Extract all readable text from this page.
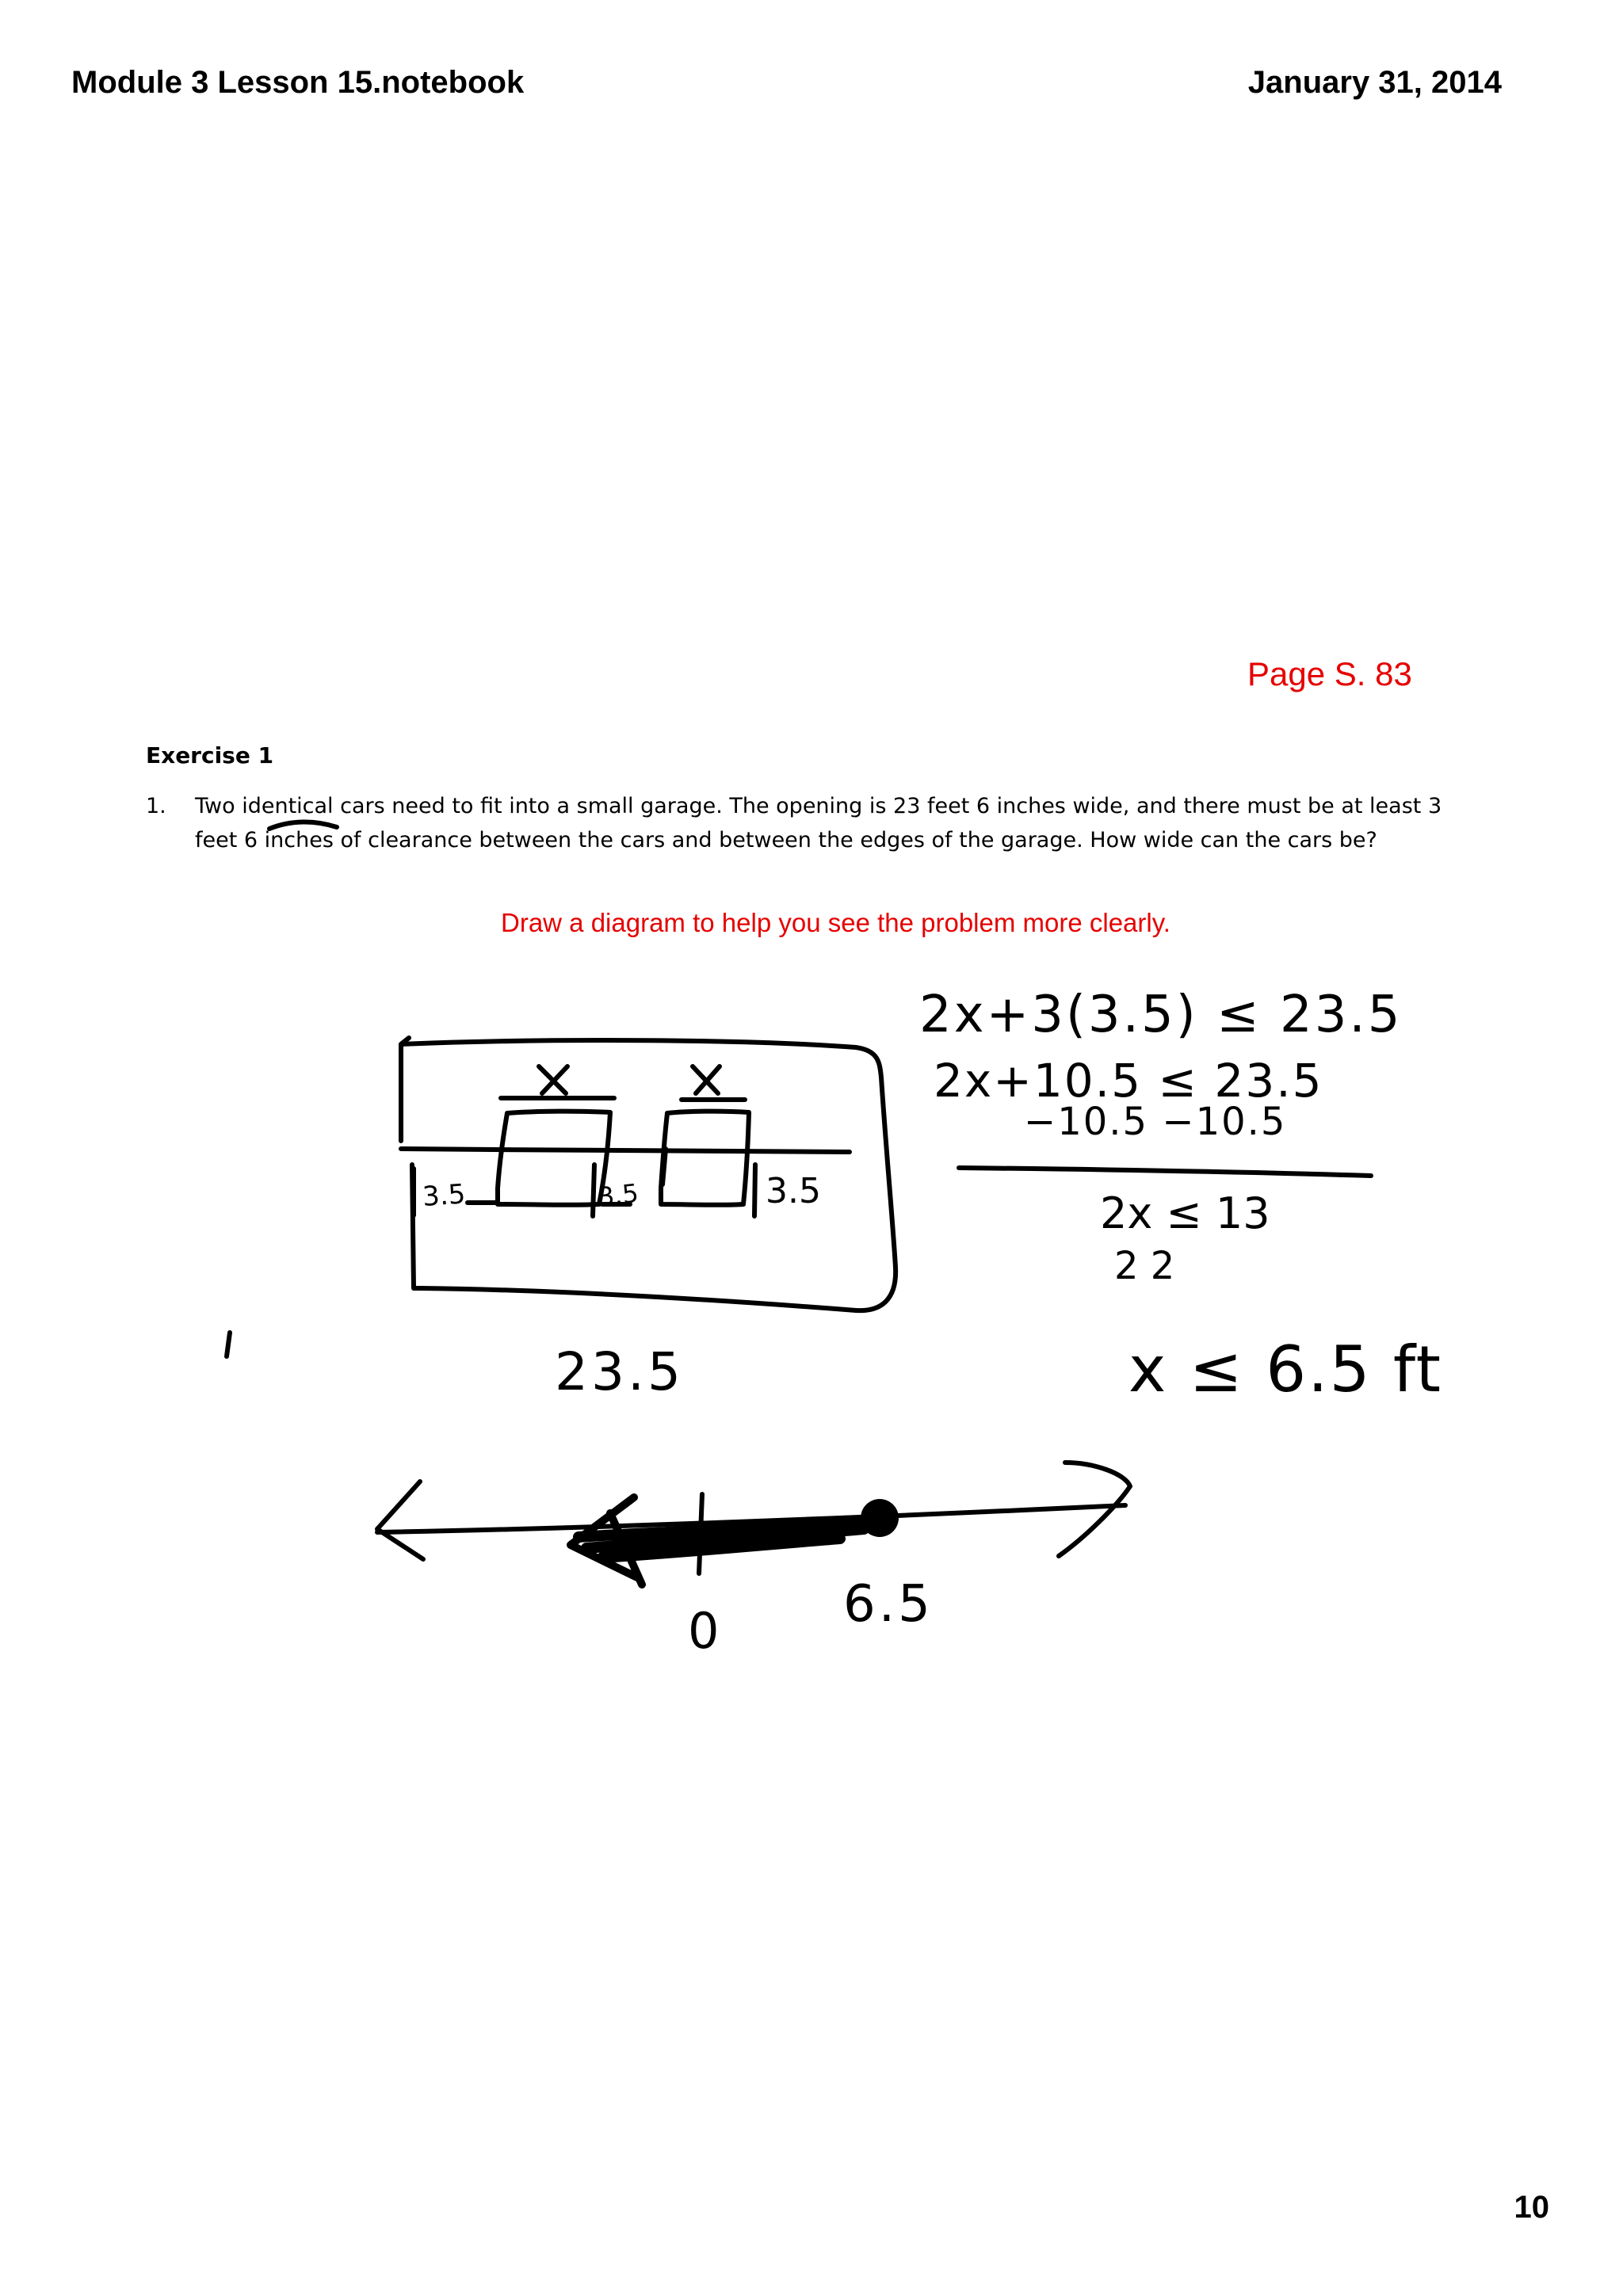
Module 3 Lesson 15.notebook	January 31, 2014
Page S. 83
Exercise 1
1.	Two identical cars need to fit into a small garage. The opening is 23 feet 6 inches wide, and there must be at least 3 feet 6 inches of clearance between the cars and between the edges of the garage. How wide can the cars be?
Draw a diagram to help you see the problem more clearly.
3.5	3.5	3.5
23.5
2x+3(3.5) ≤ 23.5
2x+10.5 ≤ 23.5
−10.5 −10.5
2x ≤ 13
2 2
x ≤ 6.5 ft
0 6.5
10
